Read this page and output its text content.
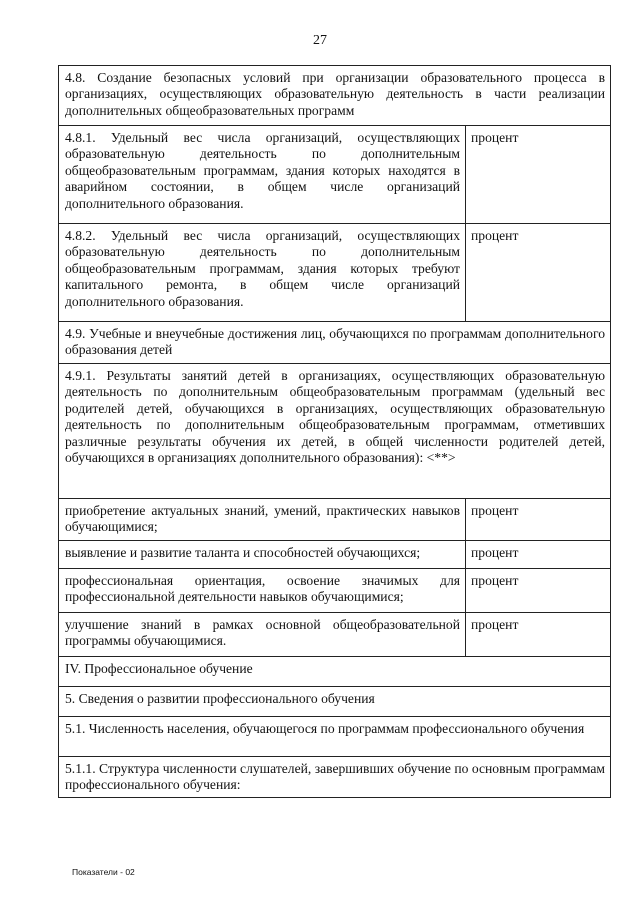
27
4.8. Создание безопасных условий при организации образовательного процесса в организациях, осуществляющих образовательную деятельность в части реализации дополнительных общеобразовательных программ	
4.8.1. Удельный вес числа организаций, осуществляющих образовательную деятельность по дополнительным общеобразовательным программам, здания которых находятся в аварийном состоянии, в общем числе организаций дополнительного образования.	процент
4.8.2. Удельный вес числа организаций, осуществляющих образовательную деятельность по дополнительным общеобразовательным программам, здания которых требуют капитального ремонта, в общем числе организаций дополнительного образования.	процент
4.9. Учебные и внеучебные достижения лиц, обучающихся по программам дополнительного образования детей	
4.9.1. Результаты занятий детей в организациях, осуществляющих образовательную деятельность по дополнительным общеобразовательным программам (удельный вес родителей детей, обучающихся в организациях, осуществляющих образовательную деятельность по дополнительным общеобразовательным программам, отметивших различные результаты обучения их детей, в общей численности родителей детей, обучающихся в организациях дополнительного образования): <**>	
приобретение актуальных знаний, умений, практических навыков обучающимися;	процент
выявление и развитие таланта и способностей обучающихся;	процент
профессиональная ориентация, освоение значимых для профессиональной деятельности навыков обучающимися;	процент
улучшение знаний в рамках основной общеобразовательной программы обучающимися.	процент
IV. Профессиональное обучение	
5. Сведения о развитии профессионального обучения	
5.1. Численность населения, обучающегося по программам профессионального обучения	
5.1.1. Структура численности слушателей, завершивших обучение по основным программам профессионального обучения:	
Показатели - 02
